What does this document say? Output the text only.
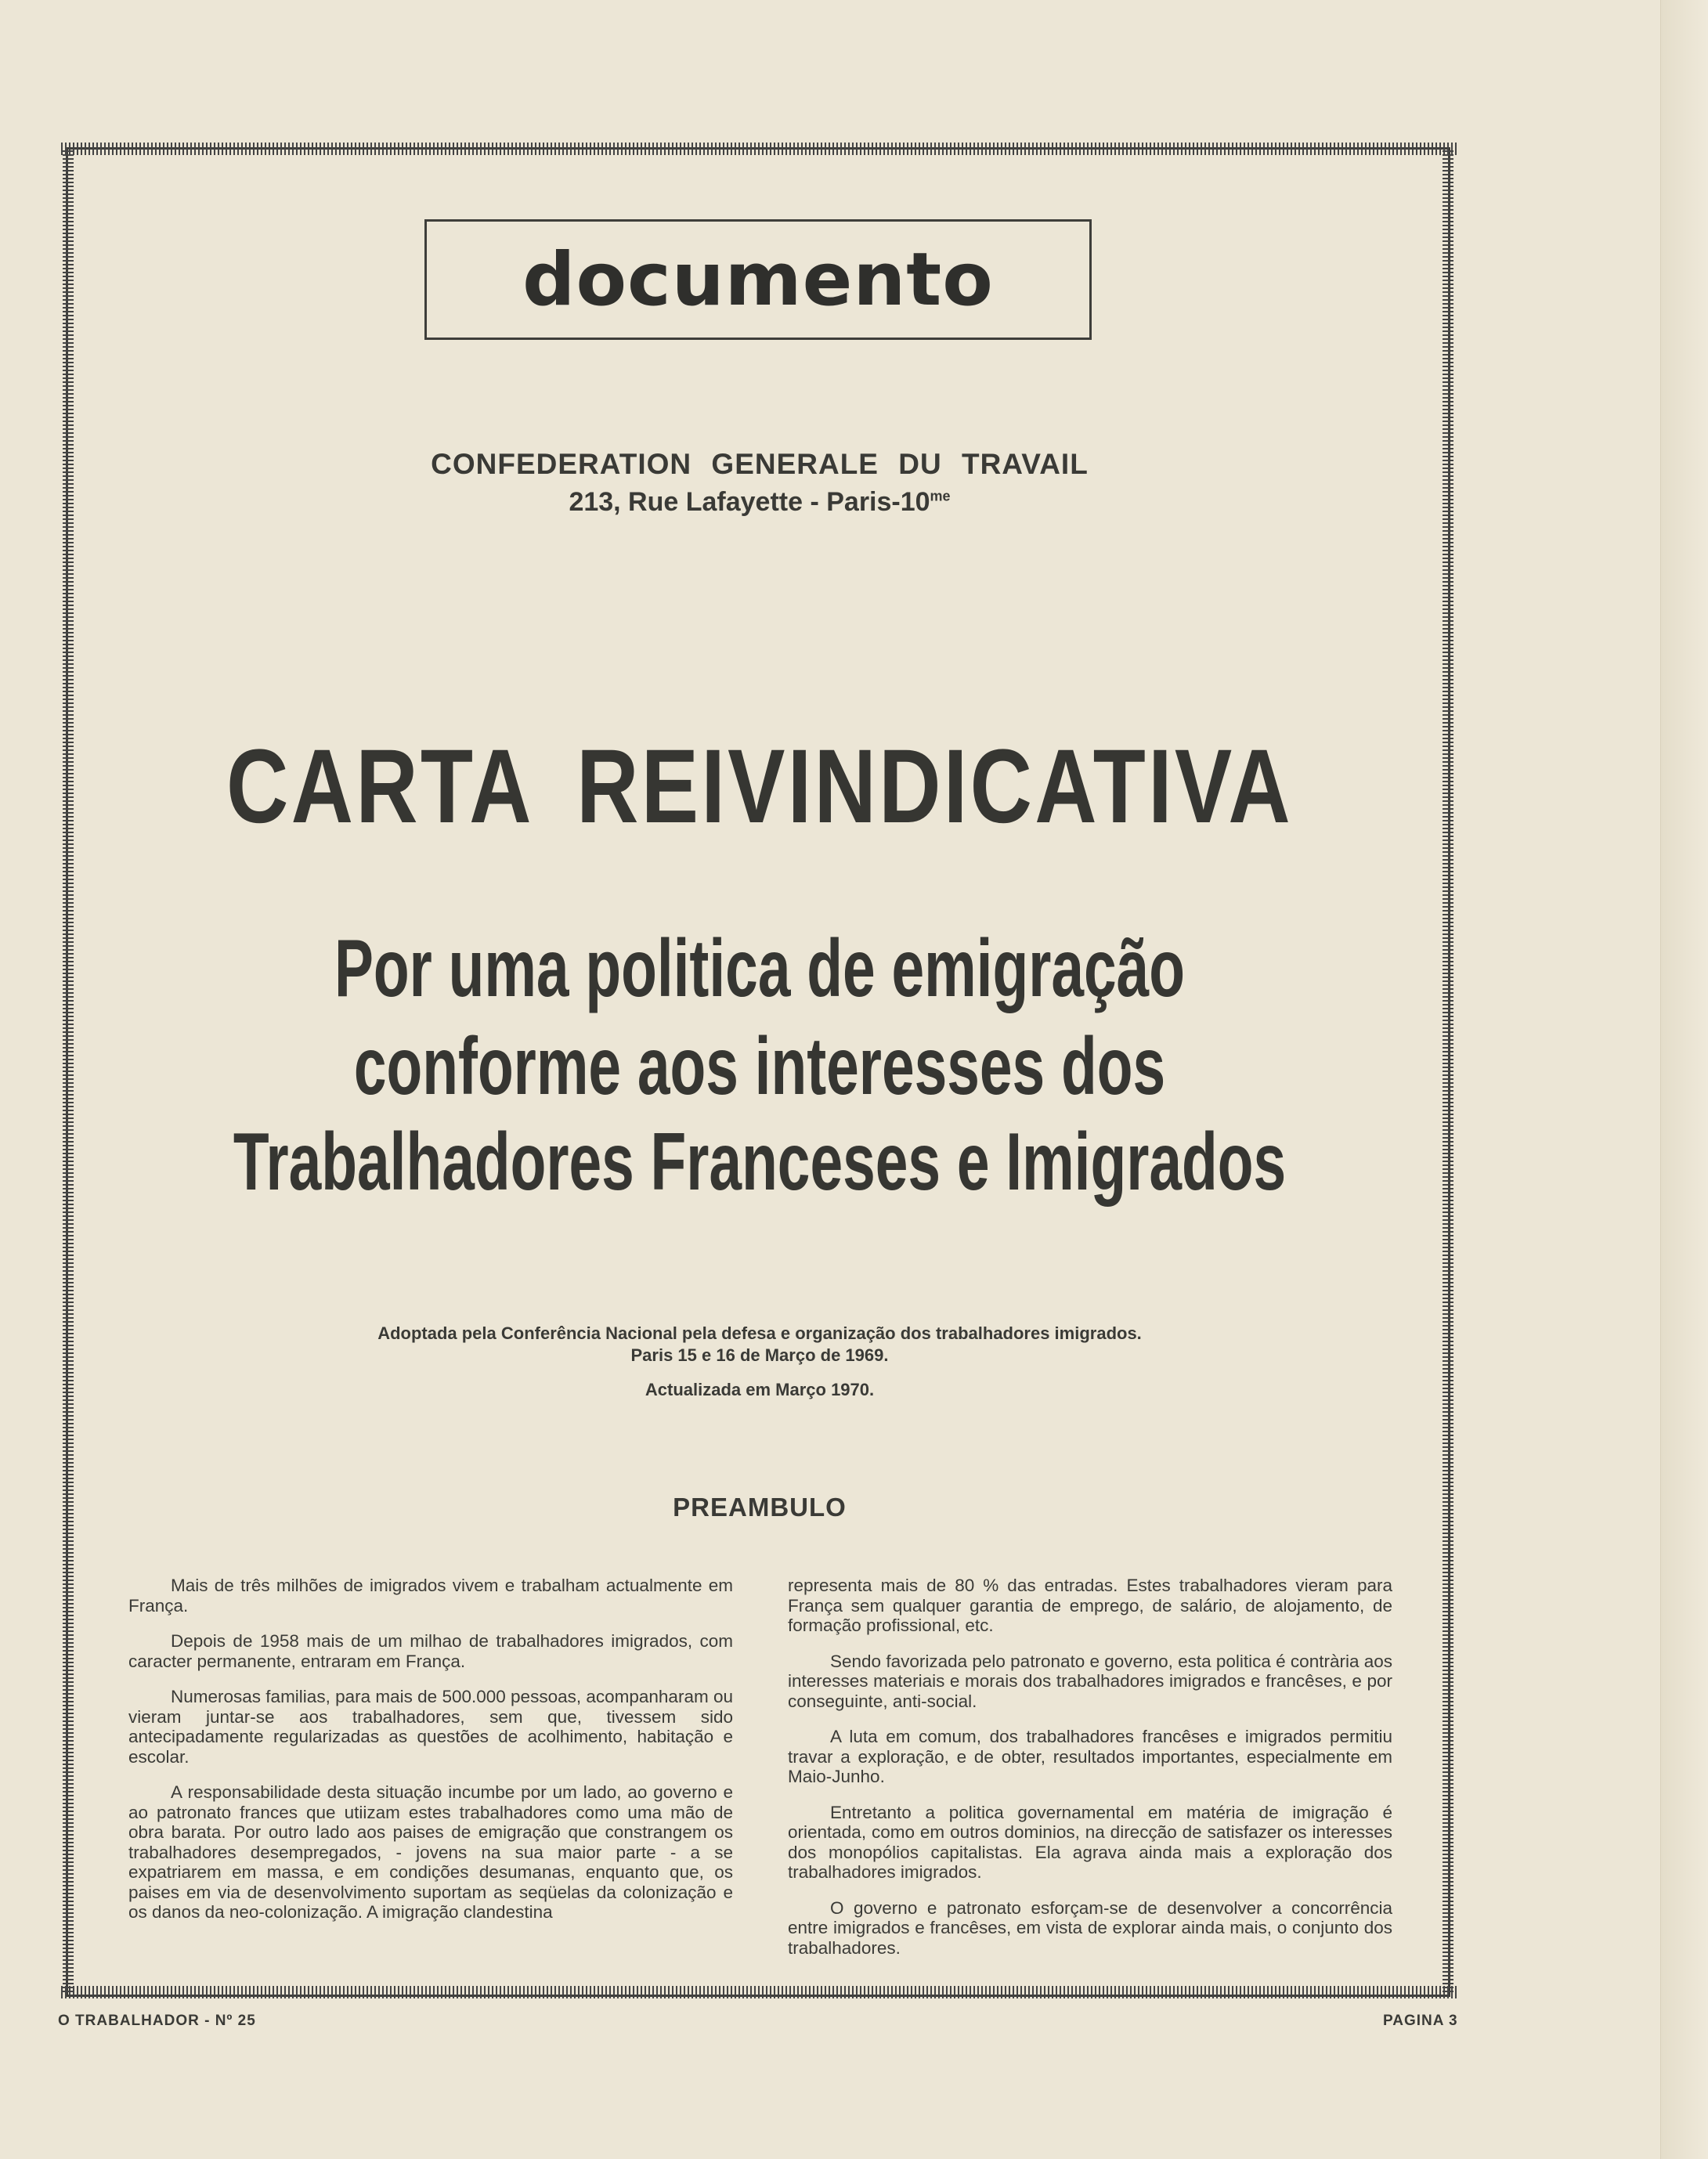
documento
CONFEDERATION GENERALE DU TRAVAIL
213, Rue Lafayette - Paris-$10^{me}$
CARTA REIVINDICATIVA
Por uma politica de emigração
conforme aos interesses dos
Trabalhadores Franceses e Imigrados
Adoptada pela Conferência Nacional pela defesa e organização dos trabalhadores imigrados.
Paris 15 e 16 de Março de 1969.
Actualizada em Março 1970.
PREAMBULO

Mais de três milhões de imigrados vivem e trabalham actualmente em França.

Depois de 1958 mais de um milhao de trabalhadores imigrados, com caracter permanente, entraram em França.

Numerosas familias, para mais de 500.000 pessoas, acompanharam ou vieram juntar-se aos trabalhadores, sem que, tivessem sido antecipadamente regularizadas as questões de acolhimento, habitação e escolar.

A responsabilidade desta situação incumbe por um lado, ao governo e ao patronato frances que utiizam estes trabalhadores como uma mão de obra barata. Por outro lado aos paises de emigração que constrangem os trabalhadores desempregados, - jovens na sua maior parte - a se expatriarem em massa, e em condições desumanas, enquanto que, os paises em via de desenvolvimento suportam as seqüelas da colonização e os danos da neo-colonização. A imigração clandestina

representa mais de 80 % das entradas. Estes trabalhadores vieram para França sem qualquer garantia de emprego, de salário, de alojamento, de formação profissional, etc.

Sendo favorizada pelo patronato e governo, esta politica é contrària aos interesses materiais e morais dos trabalhadores imigrados e francêses, e por conseguinte, anti-social.

A luta em comum, dos trabalhadores francêses e imigrados permitiu travar a exploração, e de obter, resultados importantes, especialmente em Maio-Junho.

Entretanto a politica governamental em matéria de imigração é orientada, como em outros dominios, na direcção de satisfazer os interesses dos monopólios capitalistas. Ela agrava ainda mais a exploração dos trabalhadores imigrados.

O governo e patronato esforçam-se de desenvolver a concorrência entre imigrados e francêses, em vista de explorar ainda mais, o conjunto dos trabalhadores.

O TRABALHADOR - Nº 25	PAGINA 3
